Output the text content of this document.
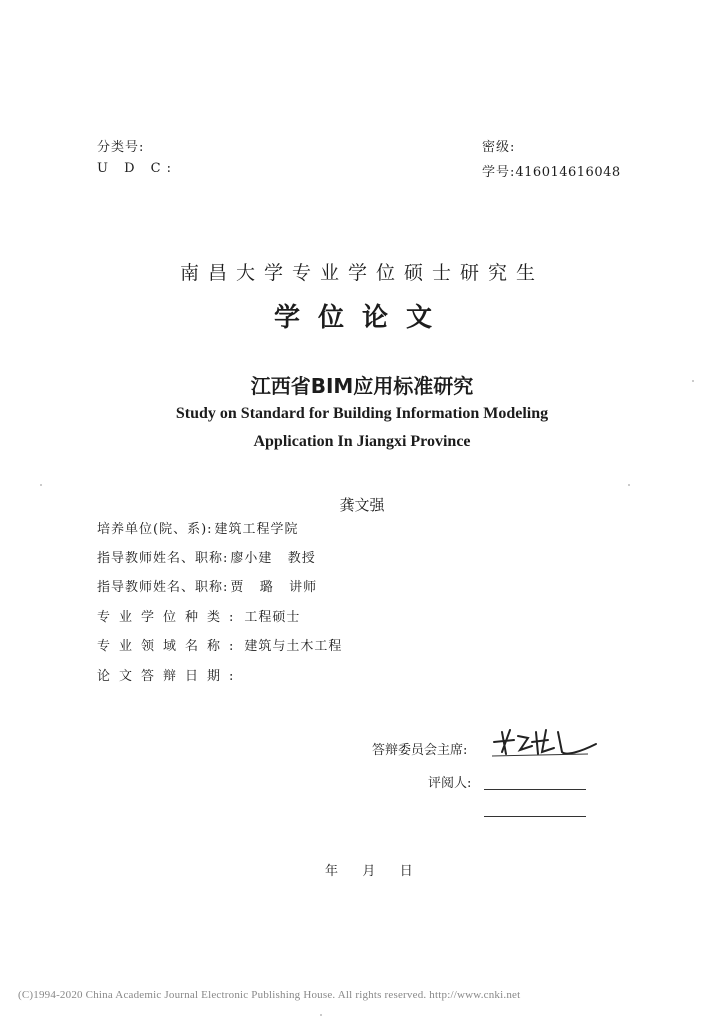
分类号:	密级:
U D C:	学号:416014616048
南昌大学专业学位硕士研究生
学位论文
江西省BIM应用标准研究
Study on Standard for Building Information Modeling
Application In Jiangxi Province
龚文强
培养单位(院、系): 建筑工程学院
指导教师姓名、职称: 廖小建   教授
指导教师姓名、职称: 贾   璐   讲师
专业学位种类: 工程硕士
专业领域名称: 建筑与土木工程
论文答辩日期:
答辩委员会主席:
评阅人:
年   月   日
(C)1994-2020 China Academic Journal Electronic Publishing House. All rights reserved. http://www.cnki.net
